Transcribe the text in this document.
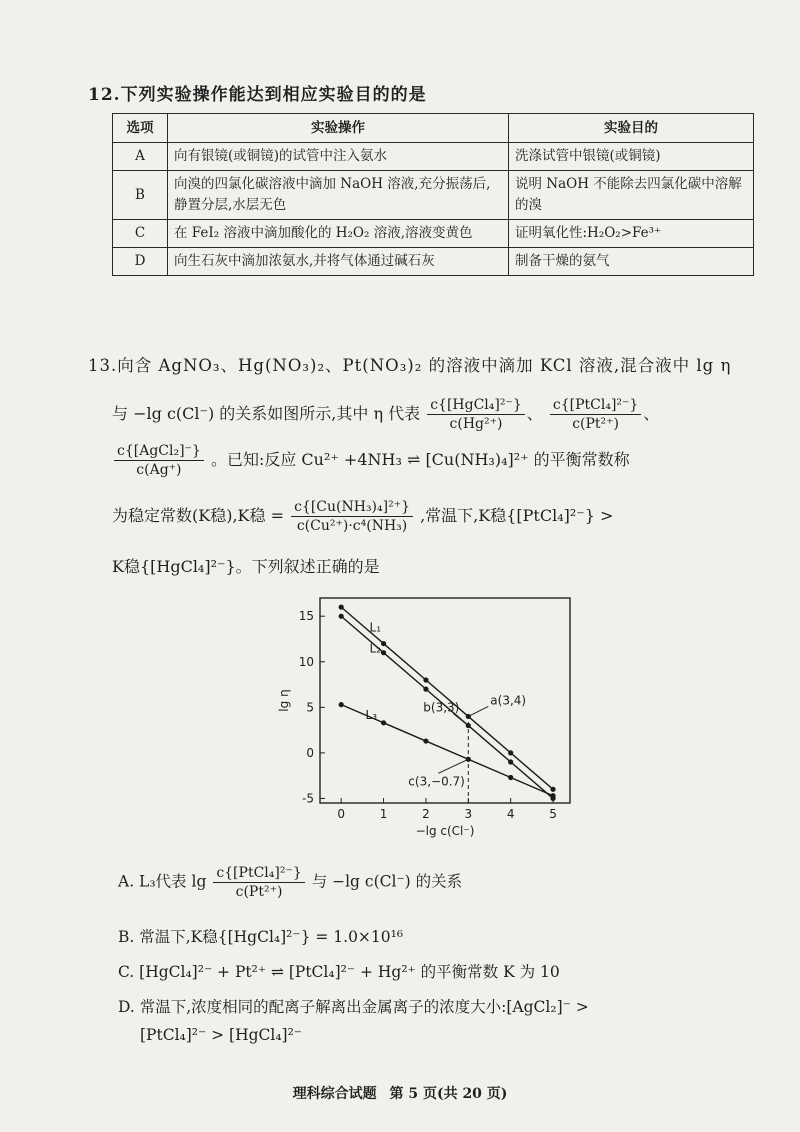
12.下列实验操作能达到相应实验目的的是
选项	实验操作	实验目的
A	向有银镜(或铜镜)的试管中注入氨水	洗涤试管中银镜(或铜镜)
B	向溴的四氯化碳溶液中滴加 NaOH 溶液,充分振荡后,静置分层,水层无色	说明 NaOH 不能除去四氯化碳中溶解的溴
C	在 FeI₂ 溶液中滴加酸化的 H₂O₂ 溶液,溶液变黄色	证明氧化性:H₂O₂>Fe³⁺
D	向生石灰中滴加浓氨水,并将气体通过碱石灰	制备干燥的氨气
13.向含 AgNO₃、Hg(NO₃)₂、Pt(NO₃)₂ 的溶液中滴加 KCl 溶液,混合液中 lg η
与 −lg c(Cl⁻) 的关系如图所示,其中 η 代表 $\frac{\text{c\{[HgCl₄]²⁻\}}}{\text{c(Hg²⁺)}}$ 、 $\frac{\text{c\{[PtCl₄]²⁻\}}}{\text{c(Pt²⁺)}}$ 、
$\frac{\text{c\{[AgCl₂]⁻\}}}{c(Ag^+)}$ 。已知:反应 Cu²⁺ +4NH₃ ⇌ [Cu(NH₃)₄]²⁺ 的平衡常数称
为稳定常数(K稳),K稳 = $\frac{\text{c\{[Cu(NH₃)₄]²⁺\}}}{\text{c(Cu²⁺)·c⁴(NH₃)}}$ ,常温下,K稳{[PtCl₄]²⁻} >
K稳{[HgCl₄]²⁻}。下列叙述正确的是
0	1	2	3	4	5
-5
0
5
10
15
−lg c(Cl⁻)
lg η
L₁
L₂
L₃
a(3,4)
b(3,3)
c(3,−0.7)
A. L₃代表 $\lg \frac{\text{c\{[PtCl₄]²⁻\}}}{\text{c(Pt²⁺)}}$ 与 −lg c(Cl⁻) 的关系
B. 常温下,K稳{[HgCl₄]²⁻} = 1.0×10¹⁶
C. [HgCl₄]²⁻ + Pt²⁺ ⇌ [PtCl₄]²⁻ + Hg²⁺ 的平衡常数 K 为 10
D. 常温下,浓度相同的配离子解离出金属离子的浓度大小:[AgCl₂]⁻ >
[PtCl₄]²⁻ > [HgCl₄]²⁻
理科综合试题 第 5 页(共 20 页)
